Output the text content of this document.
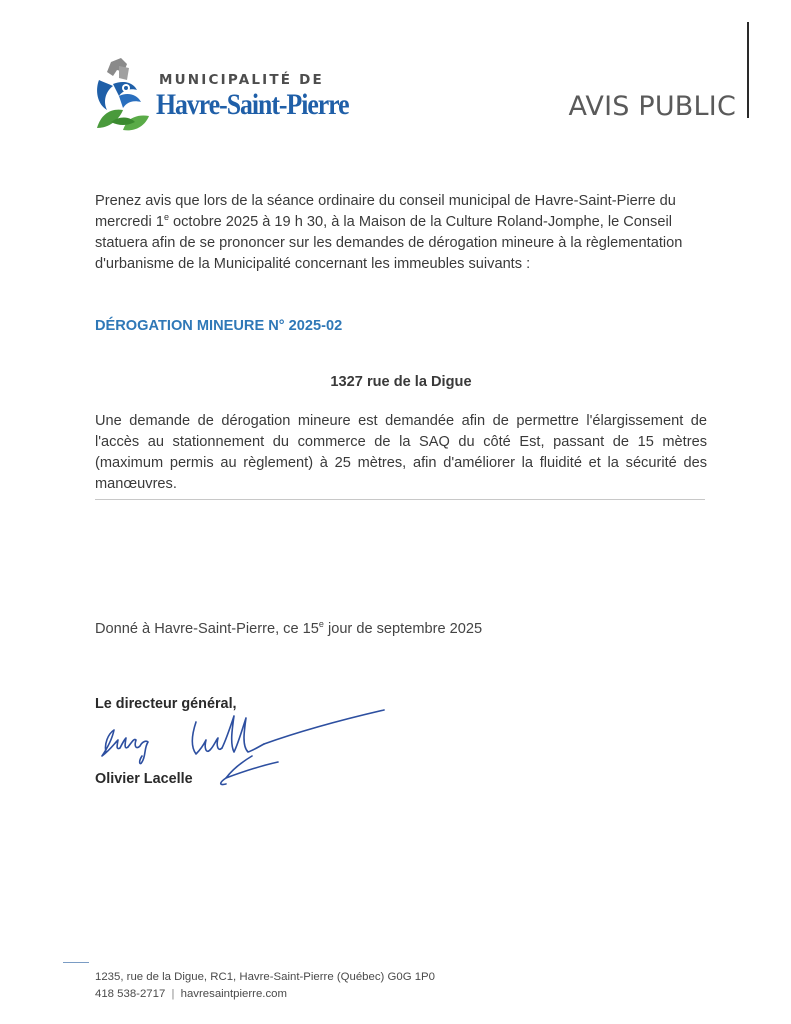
MUNICIPALITÉ DE
Havre-Saint-Pierre	AVIS PUBLIC

Prenez avis que lors de la séance ordinaire du conseil municipal de Havre-Saint-Pierre du mercredi 1e octobre 2025 à 19 h 30, à la Maison de la Culture Roland-Jomphe, le Conseil statuera afin de se prononcer sur les demandes de dérogation mineure à la règlementation d'urbanisme de la Municipalité concernant les immeubles suivants :

DÉROGATION MINEURE N° 2025-02
1327 rue de la Digue

Une demande de dérogation mineure est demandée afin de permettre l'élargissement de l'accès au stationnement du commerce de la SAQ du côté Est, passant de 15 mètres (maximum permis au règlement) à 25 mètres, afin d'améliorer la fluidité et la sécurité des manœuvres.

Donné à Havre-Saint-Pierre, ce 15e jour de septembre 2025
Le directeur général,
Olivier Lacelle
1235, rue de la Digue, RC1, Havre-Saint-Pierre (Québec) G0G 1P0
418 538-2717 | havresaintpierre.com
